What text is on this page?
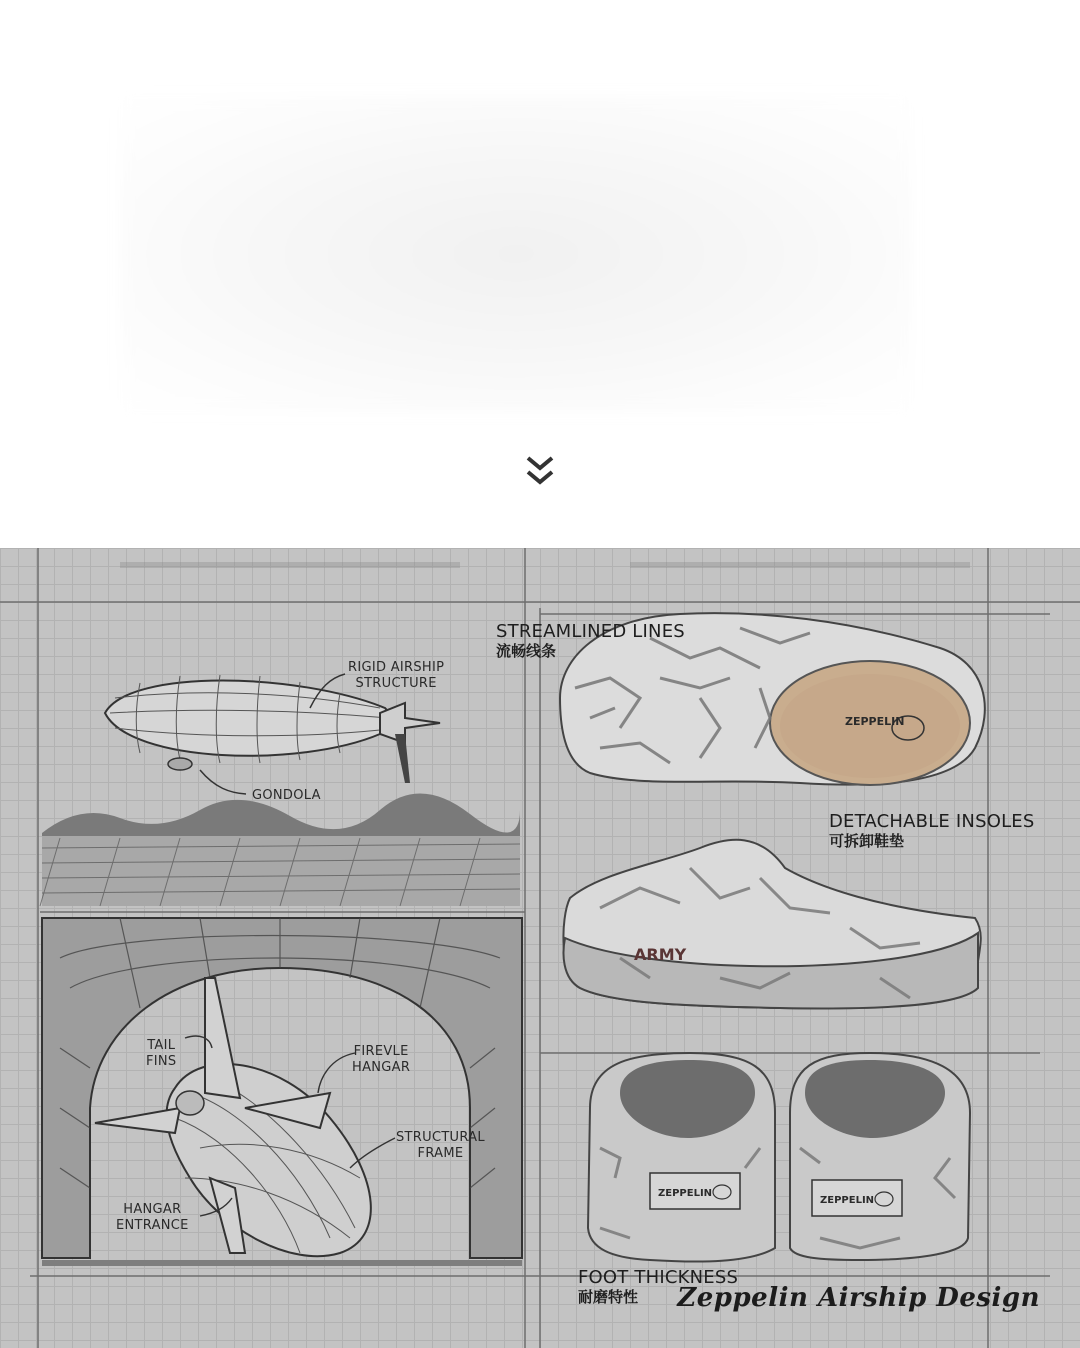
ZEPPELIN
ARMY
ZEPPELIN
ZEPPELIN
STREAMLINED LINES
流畅线条
DETACHABLE INSOLES
可拆卸鞋垫
FOOT THICKNESS
耐磨特性
RIGID AIRSHIP
STRUCTURE
GONDOLA
TAIL
FINS
FIREVLE
HANGAR
STRUCTURAL
FRAME
HANGAR
ENTRANCE
Zeppelin Airship Design
